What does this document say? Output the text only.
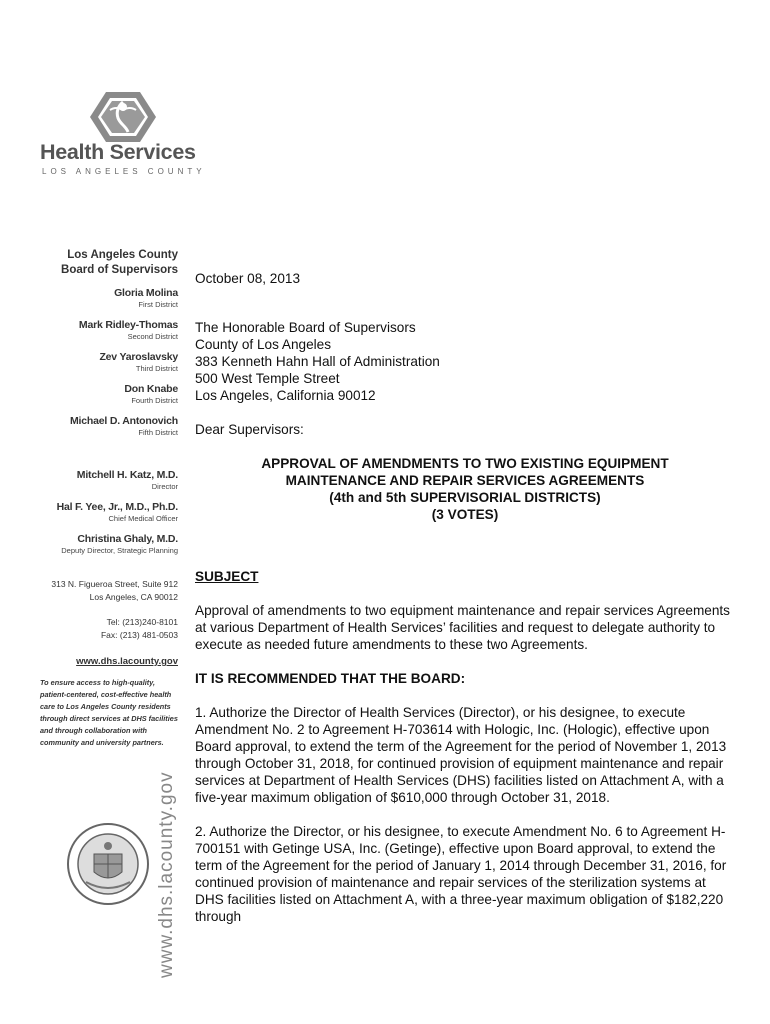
Health Services
LOS ANGELES COUNTY
Los Angeles County
Board of Supervisors
Gloria Molina
First District
Mark Ridley-Thomas
Second District
Zev Yaroslavsky
Third District
Don Knabe
Fourth District
Michael D. Antonovich
Fifth District
Mitchell H. Katz, M.D.
Director
Hal F. Yee, Jr., M.D., Ph.D.
Chief Medical Officer
Christina Ghaly, M.D.
Deputy Director, Strategic Planning
313 N. Figueroa Street, Suite 912
Los Angeles, CA 90012
Tel: (213)240-8101
Fax: (213) 481-0503
www.dhs.lacounty.gov
To ensure access to high-quality,
patient-centered, cost-effective health
care to Los Angeles County residents
through direct services at DHS facilities
and through collaboration with
community and university partners.
www.dhs.lacounty.gov

October 08, 2013

The Honorable Board of Supervisors

County of Los Angeles

383 Kenneth Hahn Hall of Administration

500 West Temple Street

Los Angeles, California 90012

Dear Supervisors:

APPROVAL OF AMENDMENTS TO TWO EXISTING EQUIPMENT

MAINTENANCE AND REPAIR SERVICES AGREEMENTS

(4th and 5th SUPERVISORIAL DISTRICTS)

(3 VOTES)

SUBJECT

Approval of amendments to two equipment maintenance and repair services Agreements at various Department of Health Services’ facilities and request to delegate authority to execute as needed future amendments to these two Agreements.

IT IS RECOMMENDED THAT THE BOARD:

1. Authorize the Director of Health Services (Director), or his designee, to execute Amendment No. 2 to Agreement H-703614 with Hologic, Inc. (Hologic), effective upon Board approval, to extend the term of the Agreement for the period of November 1, 2013 through October 31, 2018, for continued provision of equipment maintenance and repair services at Department of Health Services (DHS) facilities listed on Attachment A, with a five-year maximum obligation of $610,000 through October 31, 2018.

2. Authorize the Director, or his designee, to execute Amendment No. 6 to Agreement H-700151 with Getinge USA, Inc. (Getinge), effective upon Board approval, to extend the term of the Agreement for the period of January 1, 2014 through December 31, 2016, for continued provision of maintenance and repair services of the sterilization systems at DHS facilities listed on Attachment A, with a three-year maximum obligation of $182,220 through
